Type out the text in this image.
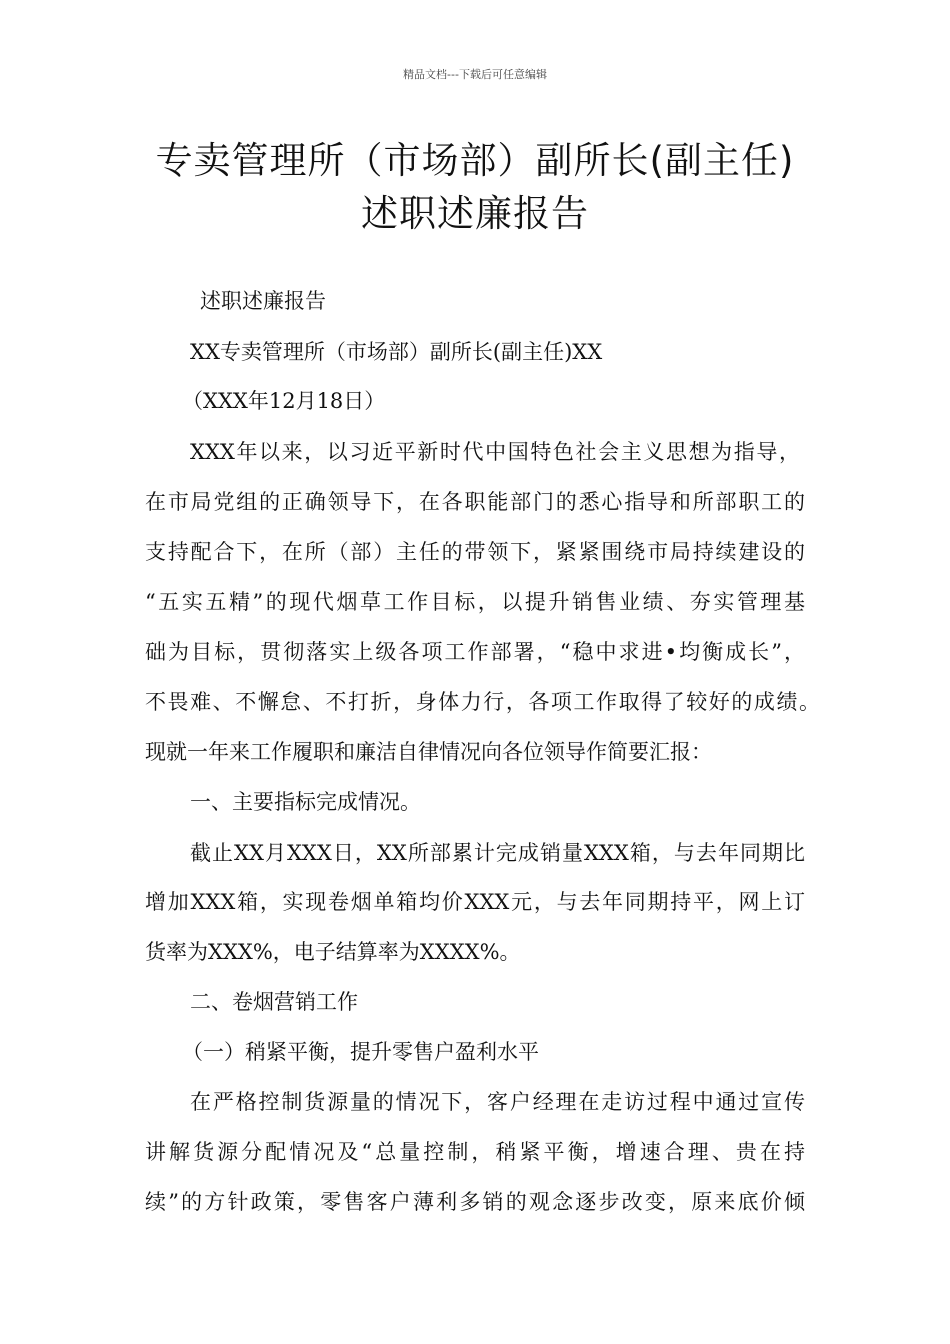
精品文档---下载后可任意编辑
专卖管理所（市场部）副所长(副主任)
述职述廉报告
述职述廉报告
XX专卖管理所（市场部）副所长(副主任)XX
（XXX年12月18日）
XXX年以来，以习近平新时代中国特色社会主义思想为指导，
在市局党组的正确领导下，在各职能部门的悉心指导和所部职工的
支持配合下，在所（部）主任的带领下，紧紧围绕市局持续建设的
“五实五精”的现代烟草工作目标，以提升销售业绩、夯实管理基
础为目标，贯彻落实上级各项工作部署，“稳中求进•均衡成长”，
不畏难、不懈怠、不打折，身体力行，各项工作取得了较好的成绩。
现就一年来工作履职和廉洁自律情况向各位领导作简要汇报：
一、主要指标完成情况。
截止XX月XXX日，XX所部累计完成销量XXX箱，与去年同期比
增加XXX箱，实现卷烟单箱均价XXX元，与去年同期持平，网上订
货率为XXX%，电子结算率为XXXX%。
二、卷烟营销工作
（一）稍紧平衡，提升零售户盈利水平
在严格控制货源量的情况下，客户经理在走访过程中通过宣传
讲解货源分配情况及“总量控制，稍紧平衡，增速合理、贵在持
续”的方针政策，零售客户薄利多销的观念逐步改变，原来底价倾
